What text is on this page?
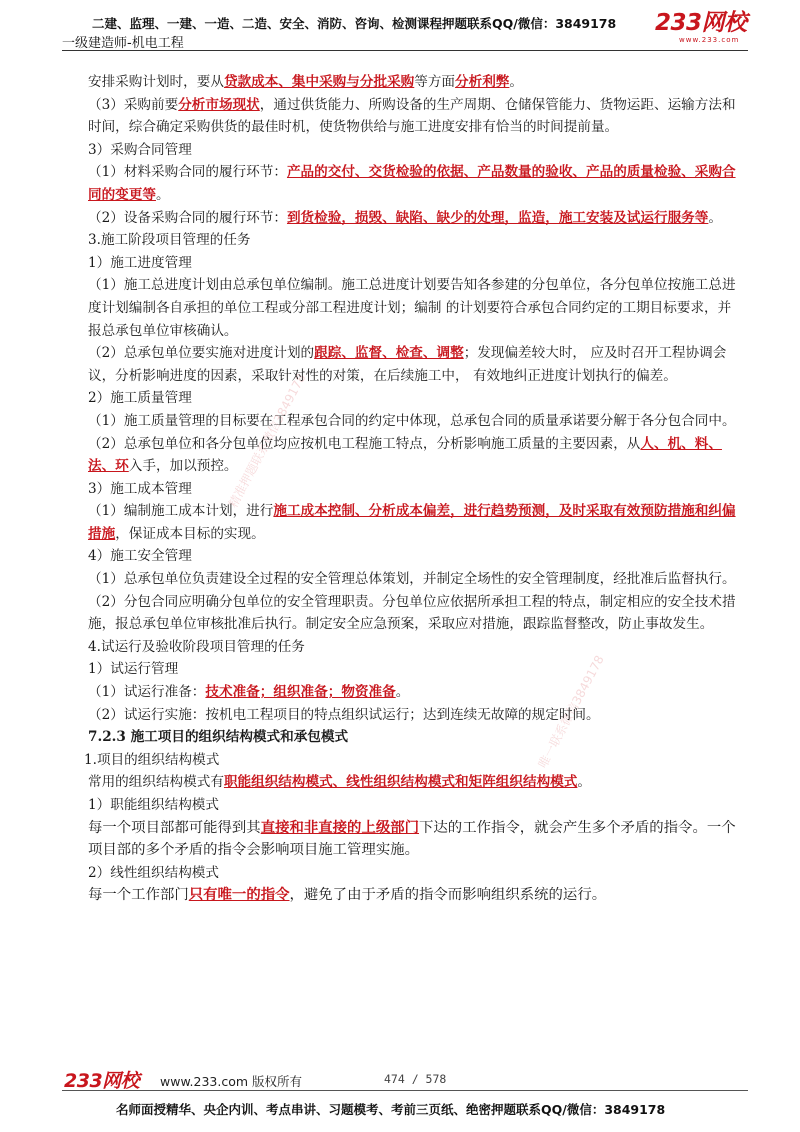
二建、监理、一建、一造、二造、安全、消防、咨询、检测课程押题联系QQ/微信：3849178
一级建造师-机电工程
233网校
www.233.com
精准押题联系微信3849178
唯一联系微信3849178

安排采购计划时，要从贷款成本、集中采购与分批采购等方面分析利弊。

（3）采购前要分析市场现状，通过供货能力、所购设备的生产周期、仓储保管能力、货物运距、运输方法和时间，综合确定采购供货的最佳时机，使货物供给与施工进度安排有恰当的时间提前量。

3）采购合同管理

（1）材料采购合同的履行环节：产品的交付、交货检验的依据、产品数量的验收、产品的质量检验、采购合同的变更等。

（2）设备采购合同的履行环节：到货检验，损毁、缺陷、缺少的处理，监造，施工安装及试运行服务等。

3.施工阶段项目管理的任务

1）施工进度管理

（1）施工总进度计划由总承包单位编制。施工总进度计划要告知各参建的分包单位，各分包单位按施工总进度计划编制各自承担的单位工程或分部工程进度计划；编制 的计划要符合承包合同约定的工期目标要求，并报总承包单位审核确认。

（2）总承包单位要实施对进度计划的跟踪、监督、检查、调整；发现偏差较大时， 应及时召开工程协调会议，分析影响进度的因素，采取针对性的对策，在后续施工中， 有效地纠正进度计划执行的偏差。

2）施工质量管理

（1）施工质量管理的目标要在工程承包合同的约定中体现，总承包合同的质量承诺要分解于各分包合同中。

（2）总承包单位和各分包单位均应按机电工程施工特点，分析影响施工质量的主要因素，从人、机、料、法、环入手，加以预控。

3）施工成本管理

（1）编制施工成本计划，进行施工成本控制、分析成本偏差，进行趋势预测，及时采取有效预防措施和纠偏措施，保证成本目标的实现。

4）施工安全管理

（1）总承包单位负责建设全过程的安全管理总体策划，并制定全场性的安全管理制度，经批准后监督执行。

（2）分包合同应明确分包单位的安全管理职责。分包单位应依据所承担工程的特点，制定相应的安全技术措施，报总承包单位审核批准后执行。制定安全应急预案，采取应对措施，跟踪监督整改，防止事故发生。

4.试运行及验收阶段项目管理的任务

1）试运行管理

（1）试运行准备：技术准备；组织准备；物资准备。

（2）试运行实施：按机电工程项目的特点组织试运行；达到连续无故障的规定时间。

7.2.3 施工项目的组织结构模式和承包模式

1.项目的组织结构模式

常用的组织结构模式有职能组织结构模式、线性组织结构模式和矩阵组织结构模式。

1）职能组织结构模式

每一个项目部都可能得到其直接和非直接的上级部门下达的工作指令，就会产生多个矛盾的指令。一个项目部的多个矛盾的指令会影响项目施工管理实施。

2）线性组织结构模式

每一个工作部门只有唯一的指令，避免了由于矛盾的指令而影响组织系统的运行。

233网校 www.233.com 版权所有	474 / 578
名师面授精华、央企内训、考点串讲、习题模考、考前三页纸、绝密押题联系QQ/微信：3849178
